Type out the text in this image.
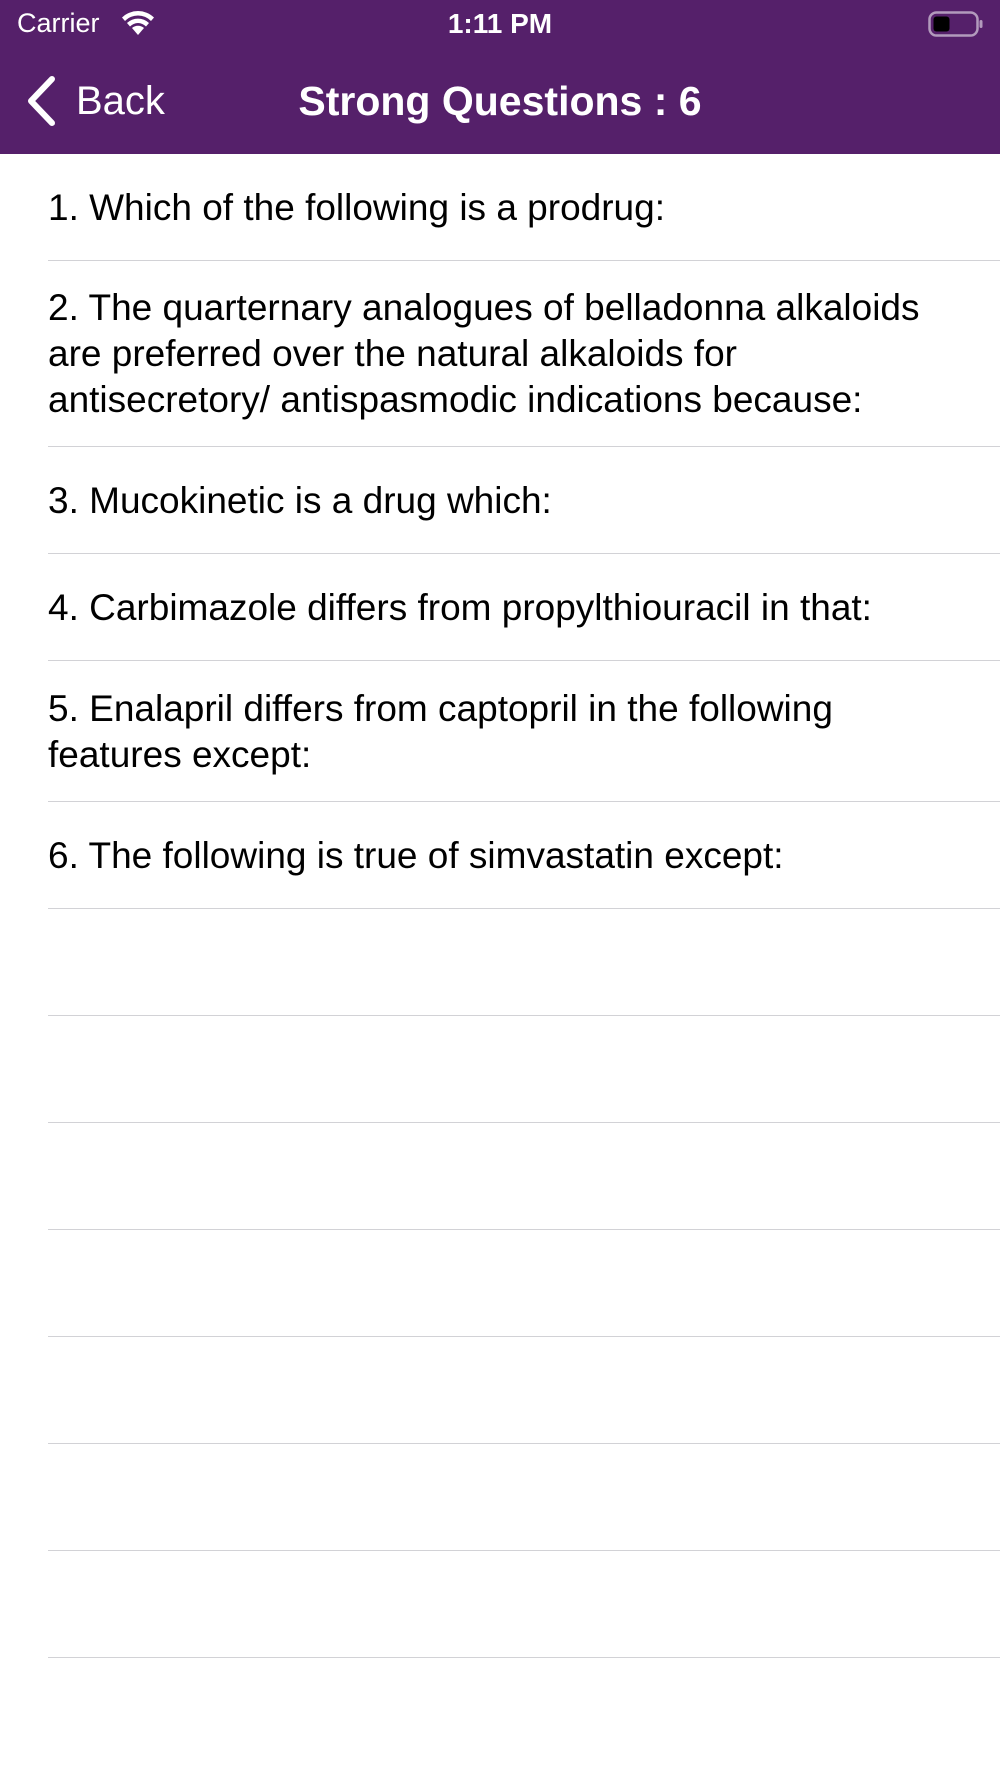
Carrier	1:11 PM
Back	Strong Questions : 6
1. Which of the following is a prodrug:
2. The quarternary analogues of belladonna alkaloids are preferred over the natural alkaloids for antisecretory/ antispasmodic indications because:
3. Mucokinetic is a drug which:
4. Carbimazole differs from propylthiouracil in that:
5. Enalapril differs from captopril in the following features except:
6. The following is true of simvastatin except:
